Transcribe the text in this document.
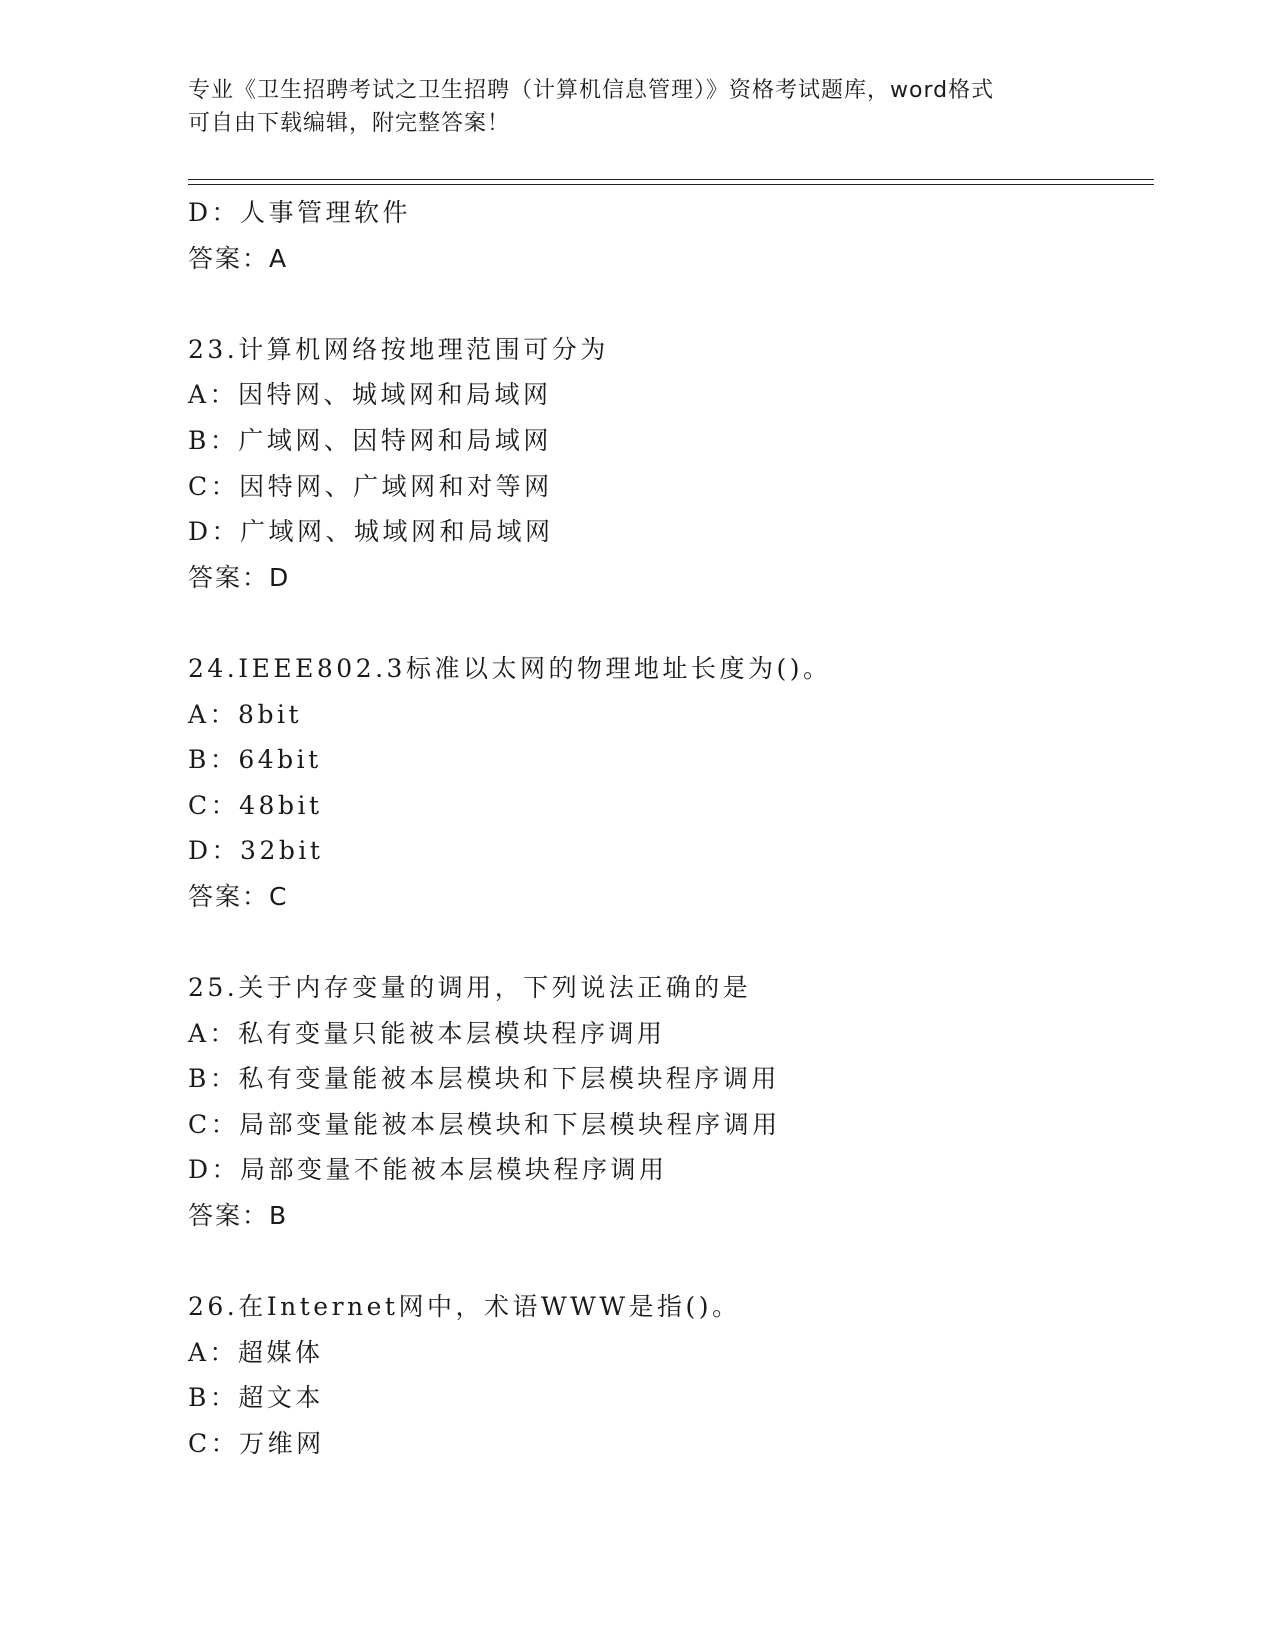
专业《卫生招聘考试之卫生招聘（计算机信息管理）》资格考试题库，word格式
可自由下载编辑，附完整答案！
D：人事管理软件
答案：A
23.计算机网络按地理范围可分为
A：因特网、城域网和局域网
B：广域网、因特网和局域网
C：因特网、广域网和对等网
D：广域网、城域网和局域网
答案：D
24.IEEE802.3标准以太网的物理地址长度为()。
A：8bit
B：64bit
C：48bit
D：32bit
答案：C
25.关于内存变量的调用，下列说法正确的是
A：私有变量只能被本层模块程序调用
B：私有变量能被本层模块和下层模块程序调用
C：局部变量能被本层模块和下层模块程序调用
D：局部变量不能被本层模块程序调用
答案：B
26.在Internet网中，术语WWW是指()。
A：超媒体
B：超文本
C：万维网
